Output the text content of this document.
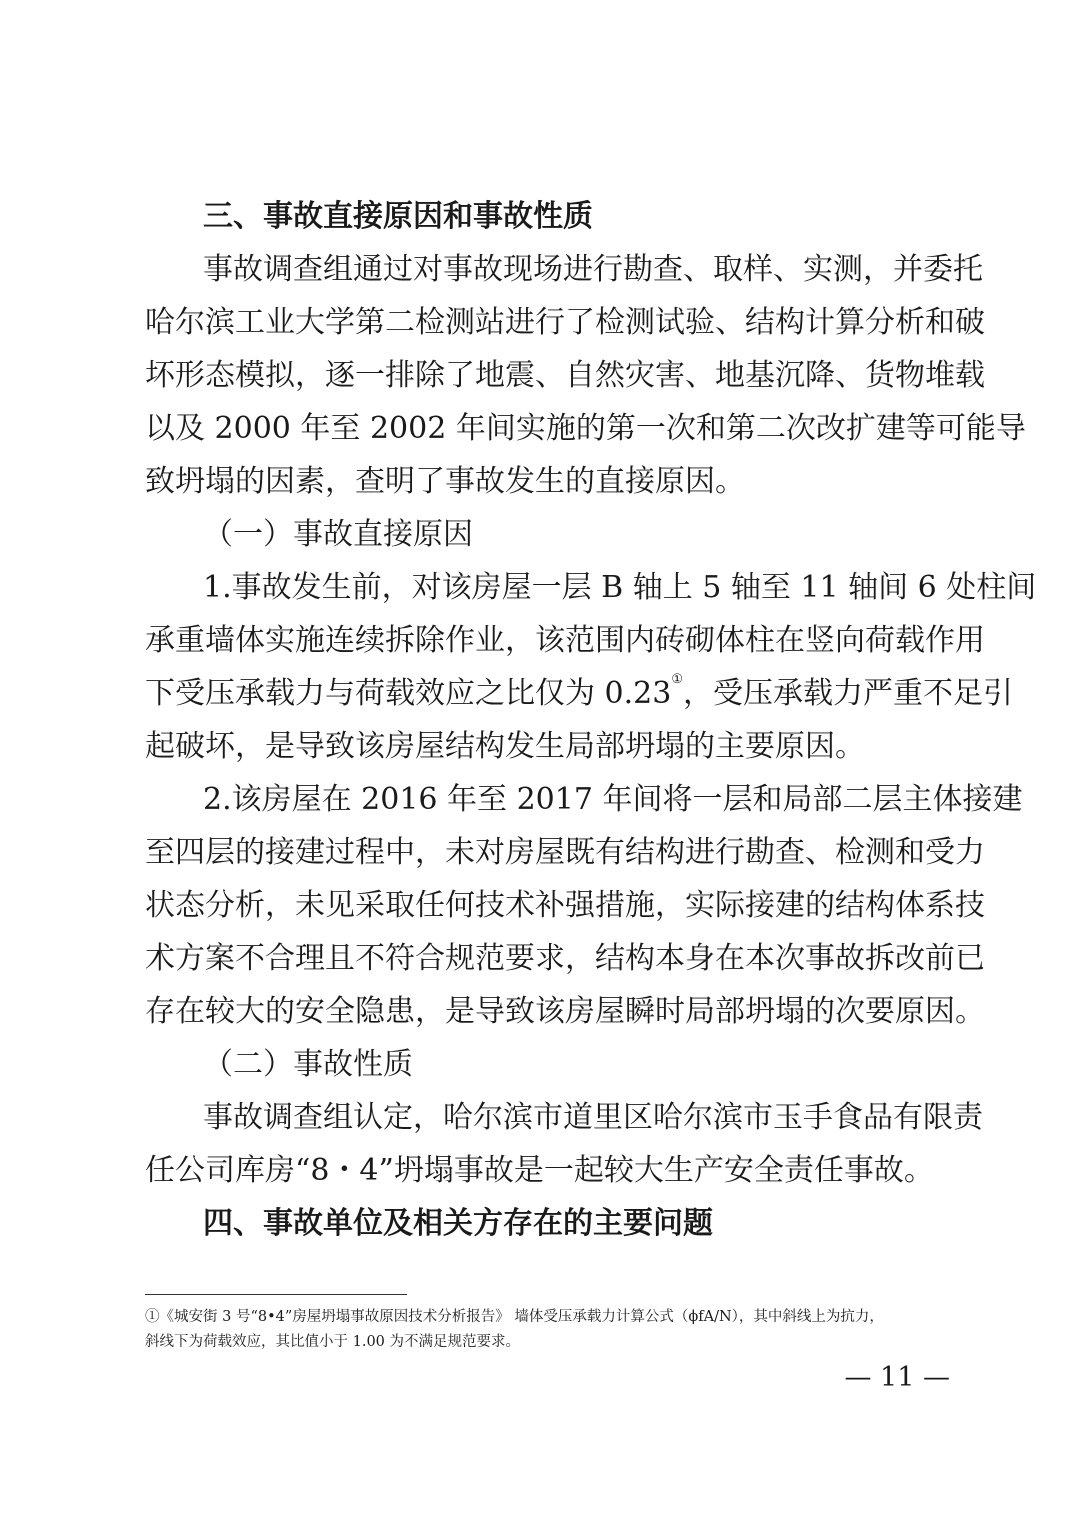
三、事故直接原因和事故性质
事故调查组通过对事故现场进行勘查、取样、实测，并委托
哈尔滨工业大学第二检测站进行了检测试验、结构计算分析和破
坏形态模拟，逐一排除了地震、自然灾害、地基沉降、货物堆载
以及 2000 年至 2002 年间实施的第一次和第二次改扩建等可能导
致坍塌的因素，查明了事故发生的直接原因。
（一）事故直接原因
1.事故发生前，对该房屋一层 B 轴上 5 轴至 11 轴间 6 处柱间
承重墙体实施连续拆除作业，该范围内砖砌体柱在竖向荷载作用
下受压承载力与荷载效应之比仅为 0.23①，受压承载力严重不足引
起破坏，是导致该房屋结构发生局部坍塌的主要原因。
2.该房屋在 2016 年至 2017 年间将一层和局部二层主体接建
至四层的接建过程中，未对房屋既有结构进行勘查、检测和受力
状态分析，未见采取任何技术补强措施，实际接建的结构体系技
术方案不合理且不符合规范要求，结构本身在本次事故拆改前已
存在较大的安全隐患，是导致该房屋瞬时局部坍塌的次要原因。
（二）事故性质
事故调查组认定，哈尔滨市道里区哈尔滨市玉手食品有限责
任公司库房“8・4”坍塌事故是一起较大生产安全责任事故。
四、事故单位及相关方存在的主要问题
①《城安街 3 号“8•4”房屋坍塌事故原因技术分析报告》 墙体受压承载力计算公式（ϕfA/N），其中斜线上为抗力，
斜线下为荷载效应，其比值小于 1.00 为不满足规范要求。
— 11 —
